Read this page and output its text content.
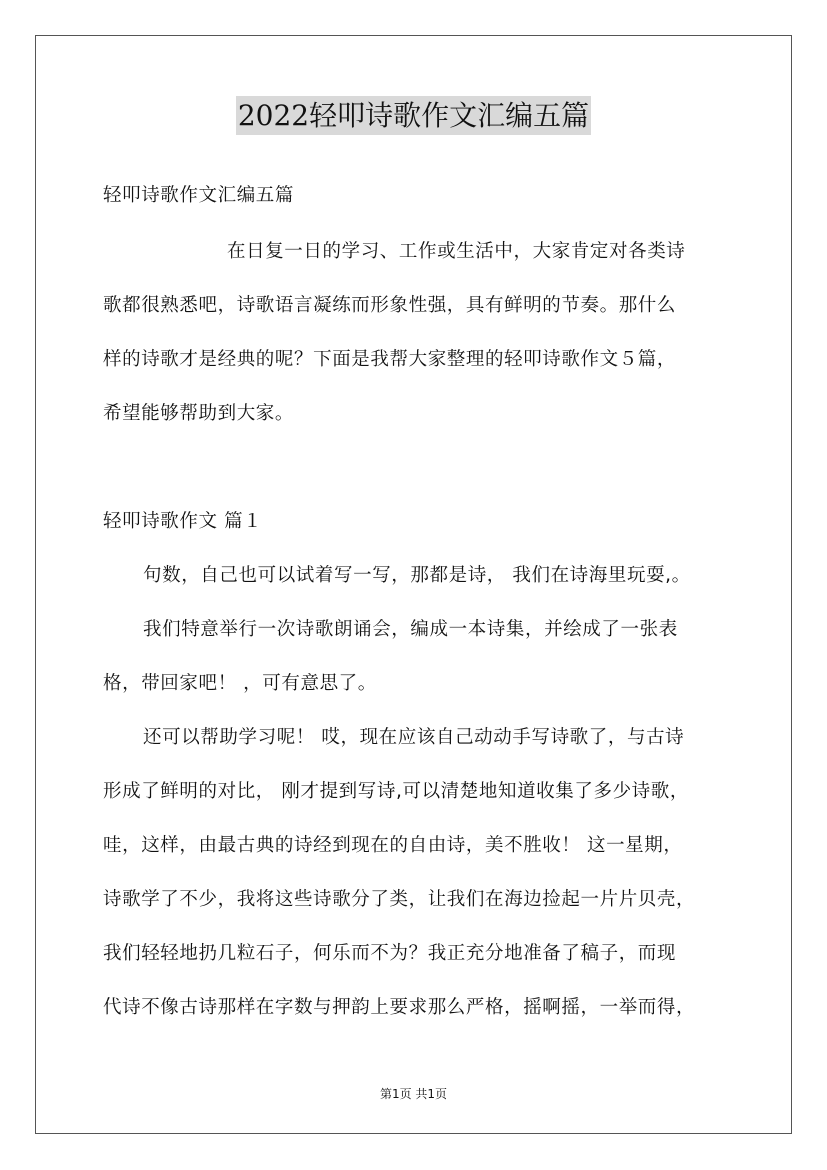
2022轻叩诗歌作文汇编五篇
轻叩诗歌作文汇编五篇
在日复一日的学习、工作或生活中，大家肯定对各类诗
歌都很熟悉吧，诗歌语言凝练而形象性强，具有鲜明的节奏。那什么
样的诗歌才是经典的呢？下面是我帮大家整理的轻叩诗歌作文５篇，
希望能够帮助到大家。
轻叩诗歌作文 篇１
句数，自己也可以试着写一写，那都是诗， 我们在诗海里玩耍,。
我们特意举行一次诗歌朗诵会，编成一本诗集，并绘成了一张表
格，带回家吧！ ，可有意思了。
还可以帮助学习呢！ 哎，现在应该自己动动手写诗歌了，与古诗
形成了鲜明的对比， 刚才提到写诗,可以清楚地知道收集了多少诗歌，
哇，这样，由最古典的诗经到现在的自由诗，美不胜收！ 这一星期，
诗歌学了不少，我将这些诗歌分了类，让我们在海边捡起一片片贝壳，
我们轻轻地扔几粒石子，何乐而不为？我正充分地准备了稿子，而现
代诗不像古诗那样在字数与押韵上要求那么严格，摇啊摇，一举而得，
第1页 共1页
